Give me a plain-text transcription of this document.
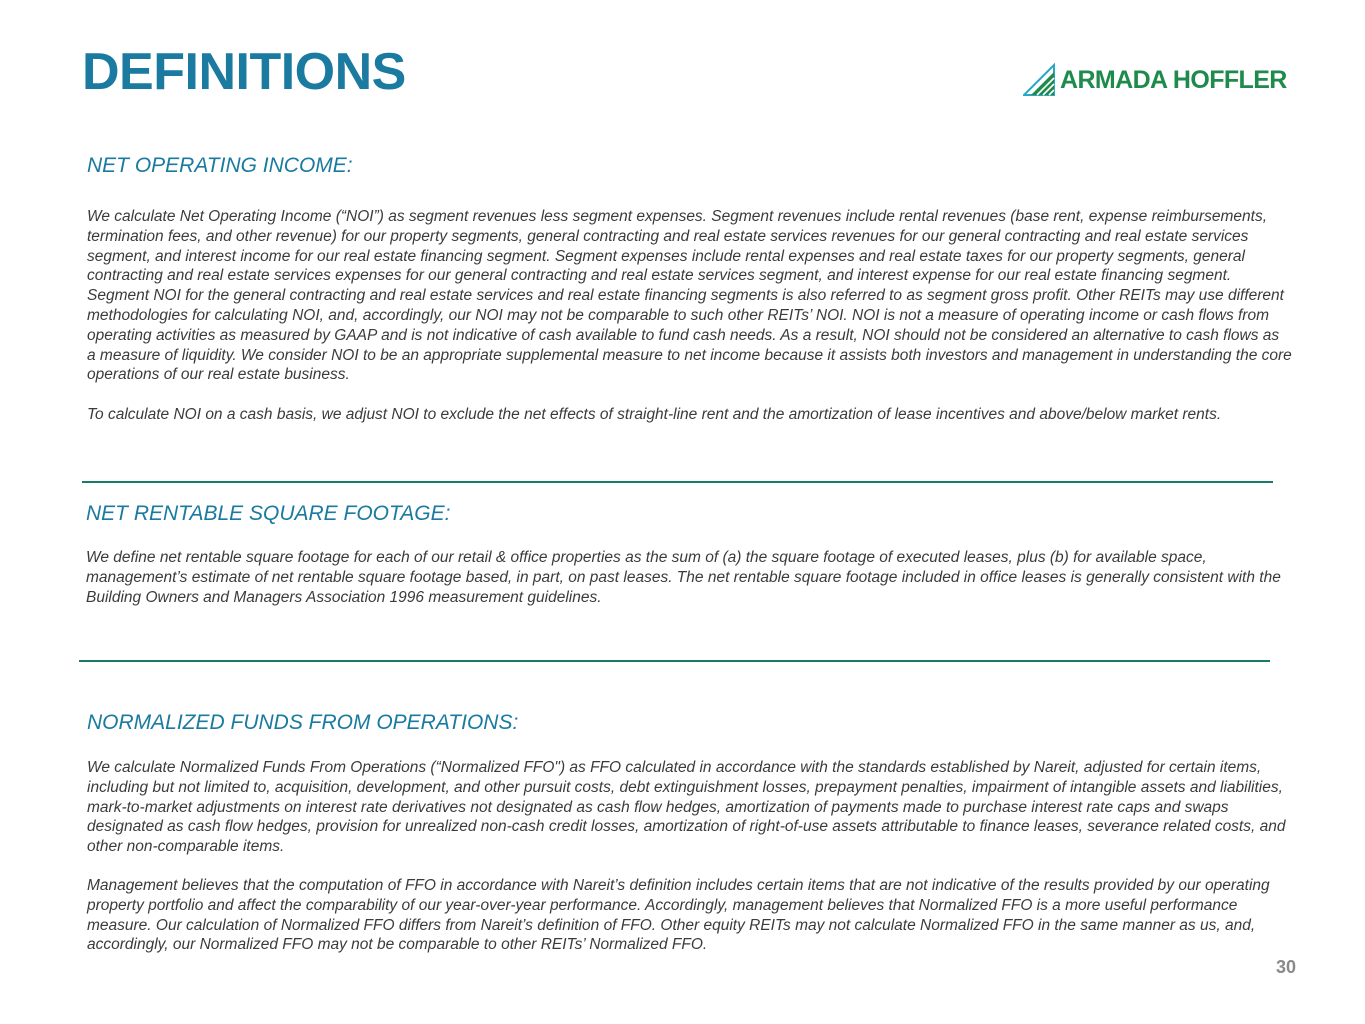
DEFINITIONS	ARMADA HOFFLER
NET OPERATING INCOME:

We calculate Net Operating Income (“NOI”) as segment revenues less segment expenses. Segment revenues include rental revenues (base rent, expense reimbursements, termination fees, and other revenue) for our property segments, general contracting and real estate services revenues for our general contracting and real estate services segment, and interest income for our real estate financing segment. Segment expenses include rental expenses and real estate taxes for our property segments, general contracting and real estate services expenses for our general contracting and real estate services segment, and interest expense for our real estate financing segment. Segment NOI for the general contracting and real estate services and real estate financing segments is also referred to as segment gross profit. Other REITs may use different methodologies for calculating NOI, and, accordingly, our NOI may not be comparable to such other REITs’ NOI. NOI is not a measure of operating income or cash flows from operating activities as measured by GAAP and is not indicative of cash available to fund cash needs. As a result, NOI should not be considered an alternative to cash flows as a measure of liquidity. We consider NOI to be an appropriate supplemental measure to net income because it assists both investors and management in understanding the core operations of our real estate business.

To calculate NOI on a cash basis, we adjust NOI to exclude the net effects of straight-line rent and the amortization of lease incentives and above/below market rents.

NET RENTABLE SQUARE FOOTAGE:

We define net rentable square footage for each of our retail & office properties as the sum of (a) the square footage of executed leases, plus (b) for available space, management’s estimate of net rentable square footage based, in part, on past leases. The net rentable square footage included in office leases is generally consistent with the Building Owners and Managers Association 1996 measurement guidelines.

NORMALIZED FUNDS FROM OPERATIONS:

We calculate Normalized Funds From Operations (“Normalized FFO") as FFO calculated in accordance with the standards established by Nareit, adjusted for certain items, including but not limited to, acquisition, development, and other pursuit costs, debt extinguishment losses, prepayment penalties, impairment of intangible assets and liabilities, mark-to-market adjustments on interest rate derivatives not designated as cash flow hedges, amortization of payments made to purchase interest rate caps and swaps designated as cash flow hedges, provision for unrealized non-cash credit losses, amortization of right-of-use assets attributable to finance leases, severance related costs, and other non-comparable items.

Management believes that the computation of FFO in accordance with Nareit’s definition includes certain items that are not indicative of the results provided by our operating property portfolio and affect the comparability of our year-over-year performance. Accordingly, management believes that Normalized FFO is a more useful performance measure. Our calculation of Normalized FFO differs from Nareit’s definition of FFO. Other equity REITs may not calculate Normalized FFO in the same manner as us, and, accordingly, our Normalized FFO may not be comparable to other REITs’ Normalized FFO.

30
